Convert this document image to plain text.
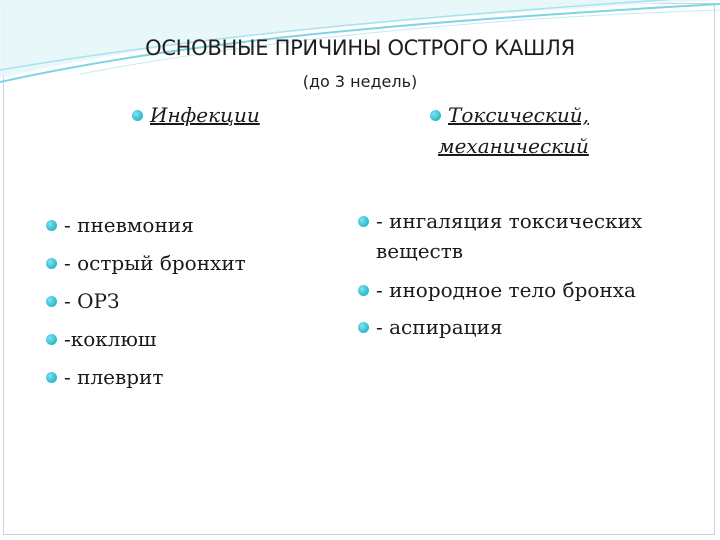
ОСНОВНЫЕ ПРИЧИНЫ ОСТРОГО КАШЛЯ
(до 3 недель)
Инфекции
- пневмония
- острый бронхит
- ОРЗ
-коклюш
- плеврит
Токсический,
механический
- ингаляция токсических
веществ
- инородное тело бронха
- аспирация
